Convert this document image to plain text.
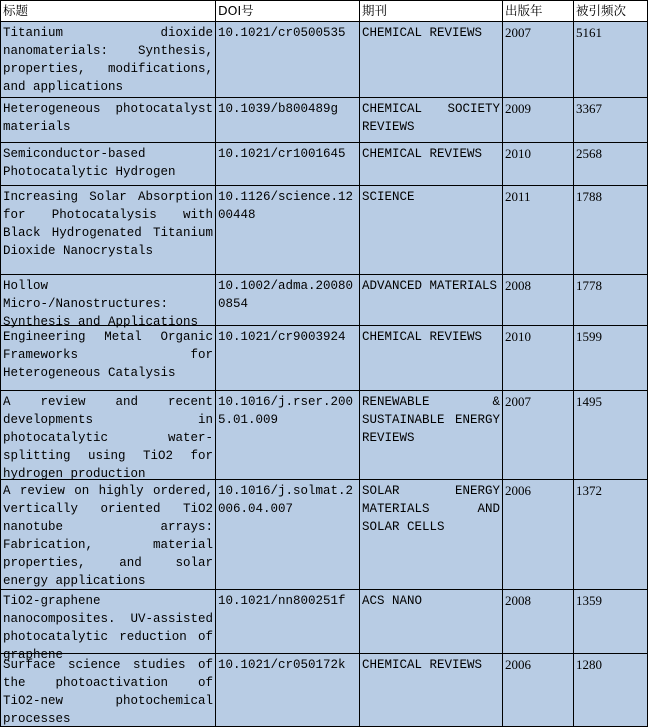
标题	DOI号	期刊	出版年	被引频次

Titanium dioxide nanomaterials: Synthesis, properties, modifications, and applications	10.1021/cr0500535	CHEMICAL REVIEWS	2007	5161

Heterogeneous photocatalyst materials	10.1039/b800489g	CHEMICAL SOCIETY REVIEWS	2009	3367

Semiconductor-based Photocatalytic Hydrogen	10.1021/cr1001645	CHEMICAL REVIEWS	2010	2568

Increasing Solar Absorption for Photocatalysis with Black Hydrogenated Titanium Dioxide Nanocrystals	10.1126/science.1200448	SCIENCE	2011	1788

Hollow Micro-/Nanostructures: Synthesis and Applications	10.1002/adma.200800854	ADVANCED MATERIALS	2008	1778

Engineering Metal Organic Frameworks for Heterogeneous Catalysis	10.1021/cr9003924	CHEMICAL REVIEWS	2010	1599

A review and recent developments in photocatalytic water-splitting using TiO2 for hydrogen production	10.1016/j.rser.2005.01.009	RENEWABLE & SUSTAINABLE ENERGY REVIEWS	2007	1495

A review on highly ordered, vertically oriented TiO2 nanotube arrays: Fabrication, material properties, and solar energy applications	10.1016/j.solmat.2006.04.007	SOLAR ENERGY MATERIALS AND SOLAR CELLS	2006	1372

TiO2-graphene nanocomposites. UV-assisted photocatalytic reduction of graphene	10.1021/nn800251f	ACS NANO	2008	1359

Surface science studies of the photoactivation of TiO2-new photochemical processes	10.1021/cr050172k	CHEMICAL REVIEWS	2006	1280
